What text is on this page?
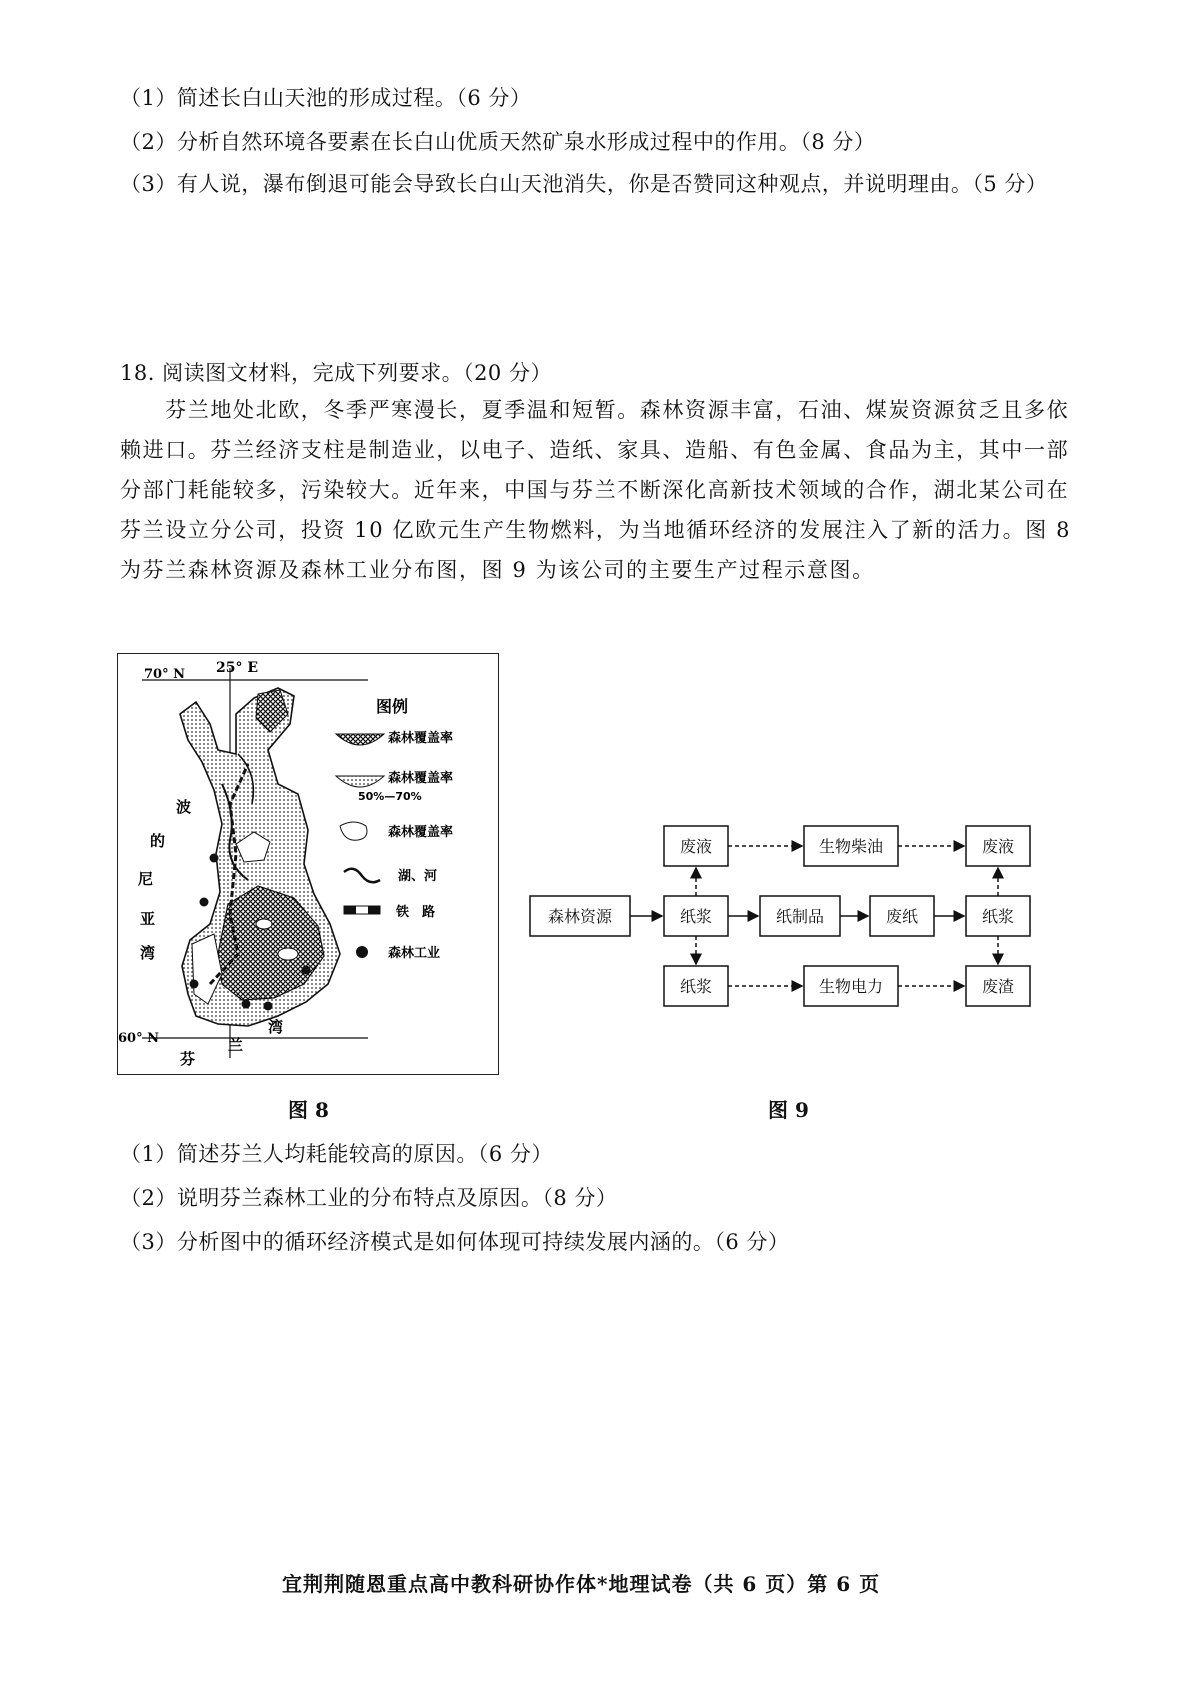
（1）简述长白山天池的形成过程。（6 分）
（2）分析自然环境各要素在长白山优质天然矿泉水形成过程中的作用。（8 分）
（3）有人说，瀑布倒退可能会导致长白山天池消失，你是否赞同这种观点，并说明理由。（5 分）
18. 阅读图文材料，完成下列要求。（20 分）

　　芬兰地处北欧，冬季严寒漫长，夏季温和短暂。森林资源丰富，石油、煤炭资源贫乏且多依

赖进口。芬兰经济支柱是制造业，以电子、造纸、家具、造船、有色金属、食品为主，其中一部

分部门耗能较多，污染较大。近年来，中国与芬兰不断深化高新技术领域的合作，湖北某公司在

芬兰设立分公司，投资 10 亿欧元生产生物燃料，为当地循环经济的发展注入了新的活力。图 8

为芬兰森林资源及森林工业分布图，图 9 为该公司的主要生产过程示意图。

25° E
70° N
60° N
波
的
尼
亚
湾
芬
兰
湾
图例
森林覆盖率
森林覆盖率
50%—70%
森林覆盖率
湖、河
铁　路
森林工业
图 8
森林资源	纸浆	纸制品	废纸	纸浆
废液	生物柴油	废液
纸浆	生物电力	废渣
图 9
（1）简述芬兰人均耗能较高的原因。（6 分）
（2）说明芬兰森林工业的分布特点及原因。（8 分）
（3）分析图中的循环经济模式是如何体现可持续发展内涵的。（6 分）
宜荆荆随恩重点高中教科研协作体*地理试卷（共 6 页）第 6 页
